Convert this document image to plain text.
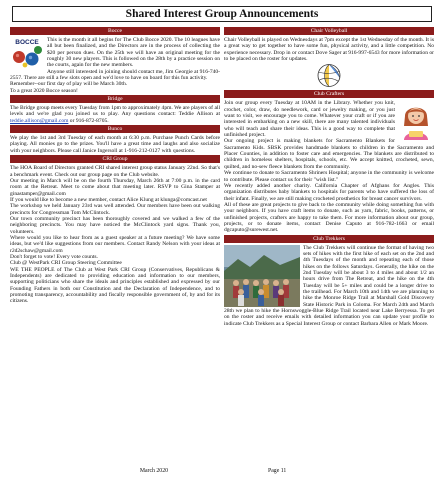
Shared Interest Group Announcements
Bocce
BOCCE	This is the month it all begins for The Club Bocce 2020. The 10 leagues have all but been finalized, and the Directors are in the process of collecting the $20 per person dues. On the 25th we will have an original meeting for the roughly 30 new players. This is followed on the 28th by a practice session on the courts, again for the new members.

Anyone still interested in joining should contact me, Jim Georgie at 916-740-2557. There are still a few slots open and we'd love to have on board for this fun activity.

Remember--our first day of play will be March 30th.

To a great 2020 Bocce season!

Bridge

The Bridge group meets every Tuesday from 1pm to approximately 4pm. We are players of all levels and we're glad you joined us to play. Any questions contact: Teddie Allison at teddie.allison@gmail.com or 916-872-8705.

Bunco

We play the 1st and 3rd Tuesday of each month at 6:30 p.m. Purchase Punch Cards before playing. All monies go to the prizes. You'll have a great time and laughs and also socialize with your neighbors. Please call Janice Ingersoll at 1-916-212-0127 with questions.

CRI Group

The HOA Board of Directors granted CRI shared interest group status January 22nd. So that's a benchmark event. Check out our group page on the Club website.

Our meeting in March will be on the fourth Thursday, March 26th at 7:00 p.m. in the card room at the Retreat. Meet to come about that meeting later. RSVP to Gina Stamper at ginastamper@gmail.com

If you would like to become a new member, contact Alice Klung at klunga@comcast.net

The workshop we held January 23rd was well attended. Our members have been out walking precincts for Congressman Tom McClintock.

Our town community precinct has been thoroughly covered and we walked a few of the neighboring precincts. You may have noticed the McClintock yard signs. Thank you, volunteers.

Where would you like to hear from as a guest speaker at a future meeting? We have some ideas, but we'd like suggestions from our members. Contact Randy Nelson with your ideas at r2d2schaw@gmail.com

Don't forget to vote! Every vote counts.

Club @ WestPark CRI Group Steering Committee

WE THE PEOPLE of The Club at West Park CRI Group (Conservatives, Republicans & Independents) are dedicated to providing education and information to our members, supporting politicians who share the ideals and principles established and expressed by our Founding Fathers in both our Constitution and the Declaration of Independence, and to promoting transparency, accountability and fiscally responsible government of, by and for its citizens.

Chair Volleyball

Chair Volleyball is played on Wednesdays at 7pm except the 1st Wednesday of the month. It is a great way to get together to have some fun, physical activity, and a little competition. No experience necessary. Drop in or contact Dove Sager at 916-997-6543 for more information or to be placed on the roster for updates.

Club Crafters

Join our group every Tuesday at 10AM in the Library. Whether you knit, crochet, color, draw, do needlework, card or jewelry making, or you just want to visit, we encourage you to come. Whatever your craft or if you are interested in embarking on a new skill, there are many talented individuals who will teach and share their ideas. This is a good way to complete that unfinished project.

Our ongoing project is making blankets for Sacramento Blankets for Sacramento Kids. SBSK provides handmade blankets to children in the Sacramento and Placer Counties, in addition to foster care and emergencies. The blankets are distributed to children in homeless shelters, hospitals, schools, etc. We accept knitted, crocheted, sewn, quilted, and no-sew fleece blankets from the community.

We continue to donate to Sacramento Shriners Hospital; anyone in the community is welcome to contribute. Please contact us for their "wish list."

We recently added another charity. California Chapter of Afghans for Angles. This organization distributes baby blankets to hospitals for parents who have suffered the loss of their infant. Finally, we are still making crocheted prosthetics for breast cancer survivors.

All of these are great projects to give back to the community while doing something fun with your neighbors. If you have craft items to donate, such as yarn, fabric, books, patterns, or unfinished projects, crafters are happy to take them. For more information about our group, projects, or to donate items, contact Denise Caputo at 916-782-1663 or email dgcaputo@surewest.net.

Club Trekkers

The Club Trekkers will continue the format of having two sets of hikes with the first hike of each set on the 2nd and 4th Tuesdays of the month and repeating each of those hikes on the follows Saturdays. Generally, the hike on the 2nd Tuesday will be about 3 to 4 miles and about 1/2 an hours drive from The Retreat, and the hike on the 4th Tuesday will be 5+ miles and could be a longer drive to the trailhead. For March 10th and 14th we are planning to hike the Monroe Ridge Trail at Marshall Gold Discovery State Historic Park in Coloma. For March 24th and March 28th we plan to hike the Hornswoggle-Blue Ridge Trail located near Lake Berryessa. To get on the roster and receive emails with detailed information you can update your profile to indicate Club Trekkers as a Special Interest Group or contact Barbara Allen or Mark Moore.

March 2020	Page 11
